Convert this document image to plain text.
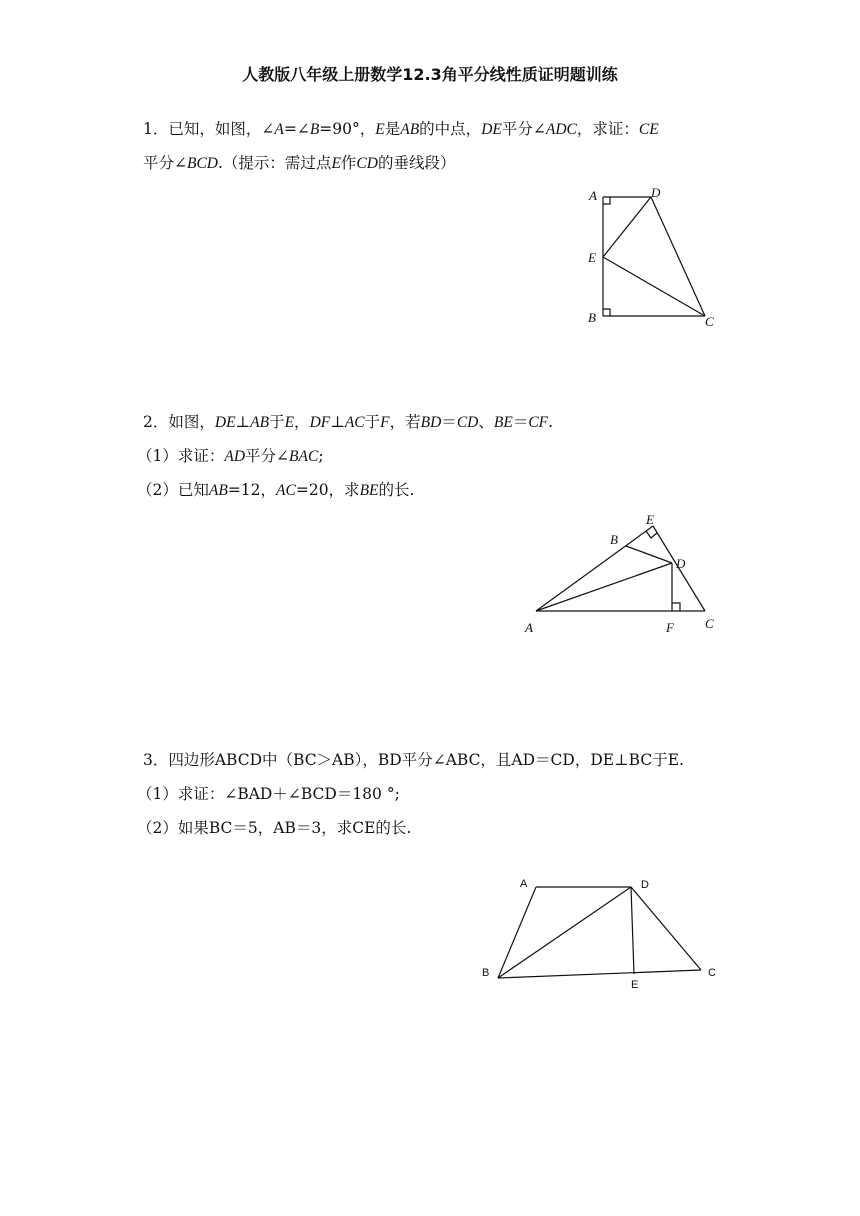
人教版八年级上册数学12.3角平分线性质证明题训练
1．已知，如图，∠A=∠B=90°，E是AB的中点，DE平分∠ADC，求证：CE
平分∠BCD.（提示：需过点E作CD的垂线段）
A	D
E
B	C
2．如图，DE⊥AB于E，DF⊥AC于F，若BD＝CD、BE＝CF.
（1）求证：AD平分∠BAC;
（2）已知AB=12，AC=20，求BE的长.
E
B
D
A	F C
3．四边形ABCD中（BC＞AB），BD平分∠ABC，且AD＝CD，DE⊥BC于E.
（1）求证：∠BAD＋∠BCD＝180 °;
（2）如果BC＝5，AB＝3，求CE的长.
A	D
B
E
C
